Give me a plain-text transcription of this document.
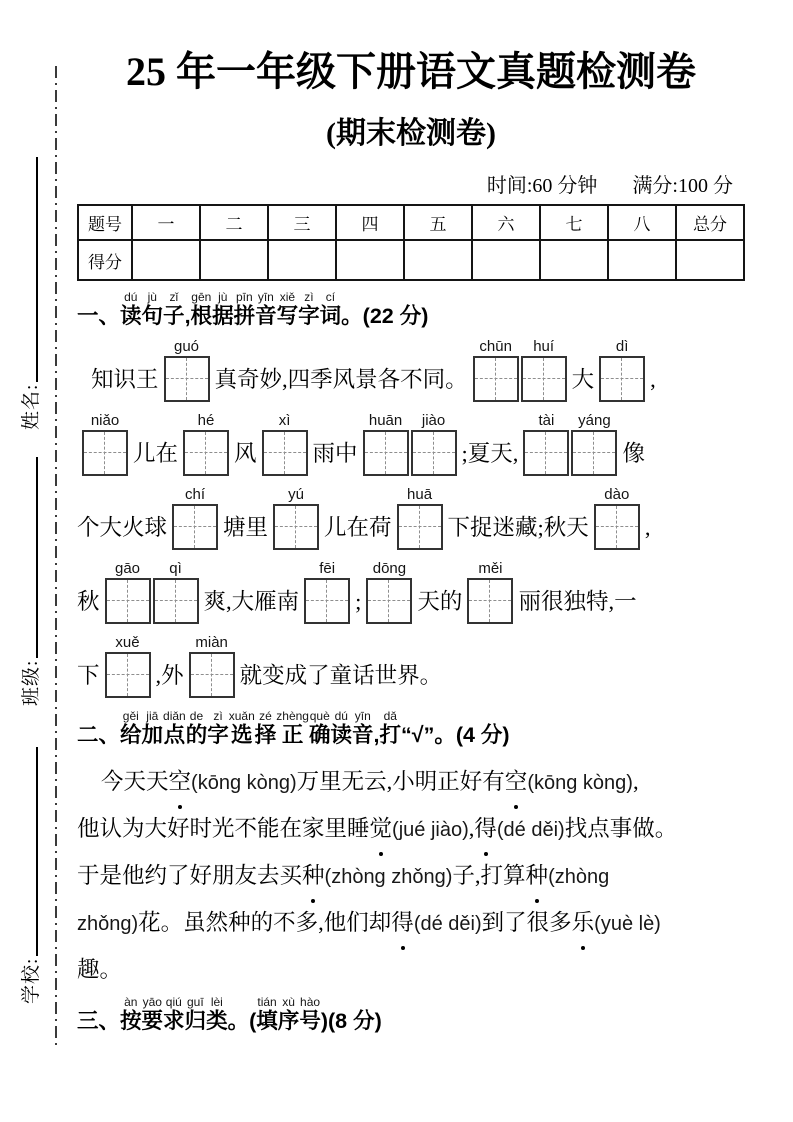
姓名:
班级:
学校:
25 年一年级下册语文真题检测卷
(期末检测卷)
时间:60 分钟 满分:100 分
题号	一	二	三	四	五	六	七	八	总分
得分									
一、读dú句jù子zǐ,根gēn据jù拼pīn音yīn写xiě字zì词cí。(22 分)
知识王
guó
真奇妙,四季风景各不同。
chūn huí
大
dì
,
niǎo
儿在
hé
风
xì
雨中
huān jiào
;夏天,
tài yáng
像
个大火球
chí
塘里
yú
儿在荷
huā
下捉迷藏;秋天
dào
,
秋
gāo qì
爽,大雁南
fēi
;
dōng
天的
měi
丽很独特,一
下
xuě
,外
miàn
就变成了童话世界。
二、给gěi加jiā点diǎn的de字zì选xuǎn择zé正zhèng确què读dú音yīn,打dǎ“√”。(4 分)
今天天空(kōng kòng)万里无云,小明正好有空(kōng kòng),
他认为大好时光不能在家里睡觉(jué jiào),得(dé děi)找点事做。
于是他约了好朋友去买种(zhòng zhǒng)子,打算种(zhòng
zhǒng)花。虽然种的不多,他们却得(dé děi)到了很多乐(yuè lè)
趣。
三、按àn要yāo求qiú归guī类lèi。(填tián序xù号hào)(8 分)
